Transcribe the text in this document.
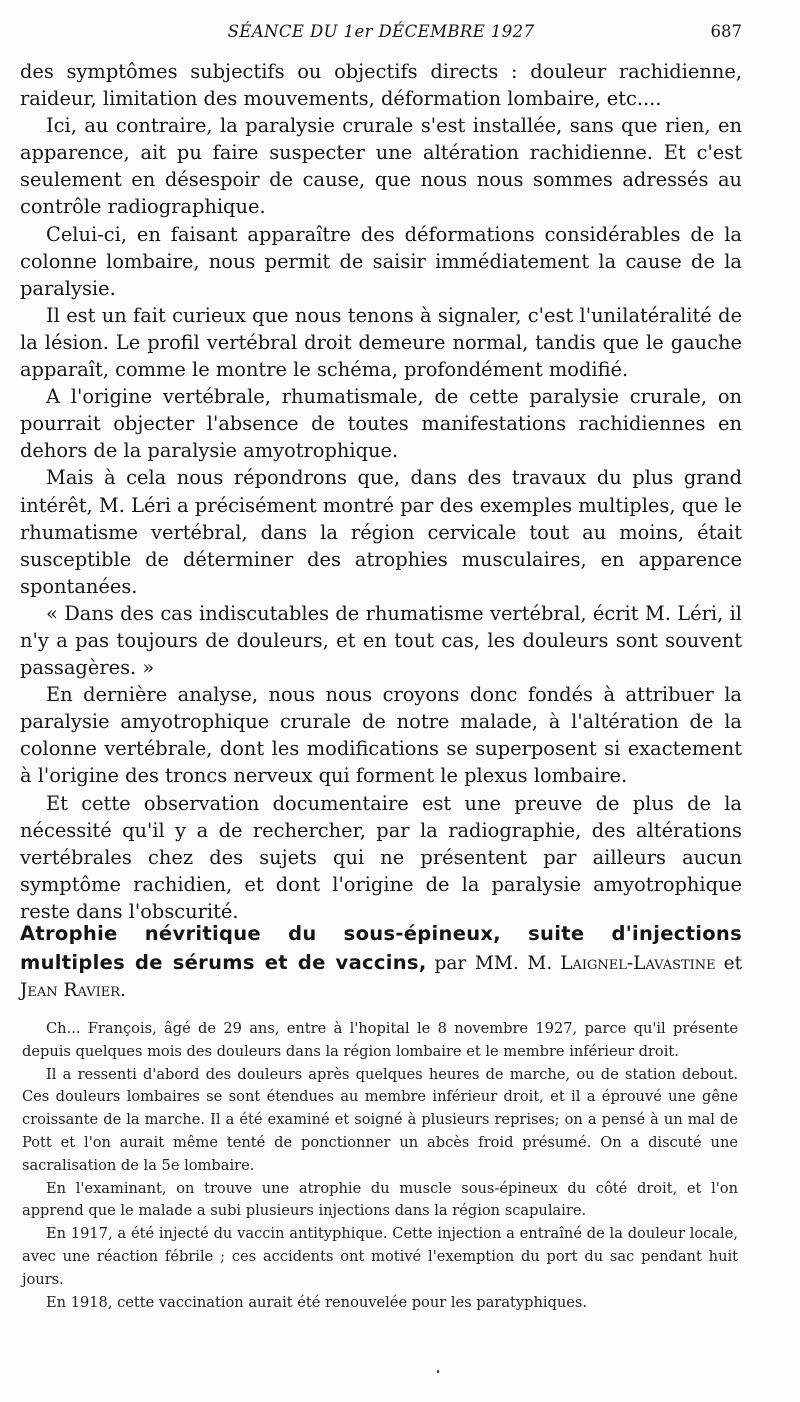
SÉANCE DU 1er DÉCEMBRE 1927	687

des symptômes subjectifs ou objectifs directs : douleur rachidienne, raideur, limitation des mouvements, déformation lombaire, etc....

Ici, au contraire, la paralysie crurale s'est installée, sans que rien, en apparence, ait pu faire suspecter une altération rachidienne. Et c'est seulement en désespoir de cause, que nous nous sommes adressés au contrôle radiographique.

Celui-ci, en faisant apparaître des déformations considérables de la colonne lombaire, nous permit de saisir immédiatement la cause de la paralysie.

Il est un fait curieux que nous tenons à signaler, c'est l'unilatéralité de la lésion. Le profil vertébral droit demeure normal, tandis que le gauche apparaît, comme le montre le schéma, profondément modifié.

A l'origine vertébrale, rhumatismale, de cette paralysie crurale, on pourrait objecter l'absence de toutes manifestations rachidiennes en dehors de la paralysie amyotrophique.

Mais à cela nous répondrons que, dans des travaux du plus grand intérêt, M. Léri a précisément montré par des exemples multiples, que le rhumatisme vertébral, dans la région cervicale tout au moins, était susceptible de déterminer des atrophies musculaires, en apparence spontanées.

« Dans des cas indiscutables de rhumatisme vertébral, écrit M. Léri, il n'y a pas toujours de douleurs, et en tout cas, les douleurs sont souvent passagères. »

En dernière analyse, nous nous croyons donc fondés à attribuer la paralysie amyotrophique crurale de notre malade, à l'altération de la colonne vertébrale, dont les modifications se superposent si exactement à l'origine des troncs nerveux qui forment le plexus lombaire.

Et cette observation documentaire est une preuve de plus de la nécessité qu'il y a de rechercher, par la radiographie, des altérations vertébrales chez des sujets qui ne présentent par ailleurs aucun symptôme rachidien, et dont l'origine de la paralysie amyotrophique reste dans l'obscurité.

Atrophie névritique du sous-épineux, suite d'injections multiples de sérums et de vaccins, par MM. M. Laignel-Lavastine et Jean Ravier.

Ch... François, âgé de 29 ans, entre à l'hopital le 8 novembre 1927, parce qu'il présente depuis quelques mois des douleurs dans la région lombaire et le membre inférieur droit.

Il a ressenti d'abord des douleurs après quelques heures de marche, ou de station debout. Ces douleurs lombaires se sont étendues au membre inférieur droit, et il a éprouvé une gêne croissante de la marche. Il a été examiné et soigné à plusieurs reprises; on a pensé à un mal de Pott et l'on aurait même tenté de ponctionner un abcès froid présumé. On a discuté une sacralisation de la 5e lombaire.

En l'examinant, on trouve une atrophie du muscle sous-épineux du côté droit, et l'on apprend que le malade a subi plusieurs injections dans la région scapulaire.

En 1917, a été injecté du vaccin antityphique. Cette injection a entraîné de la douleur locale, avec une réaction fébrile ; ces accidents ont motivé l'exemption du port du sac pendant huit jours.

En 1918, cette vaccination aurait été renouvelée pour les paratyphiques.
